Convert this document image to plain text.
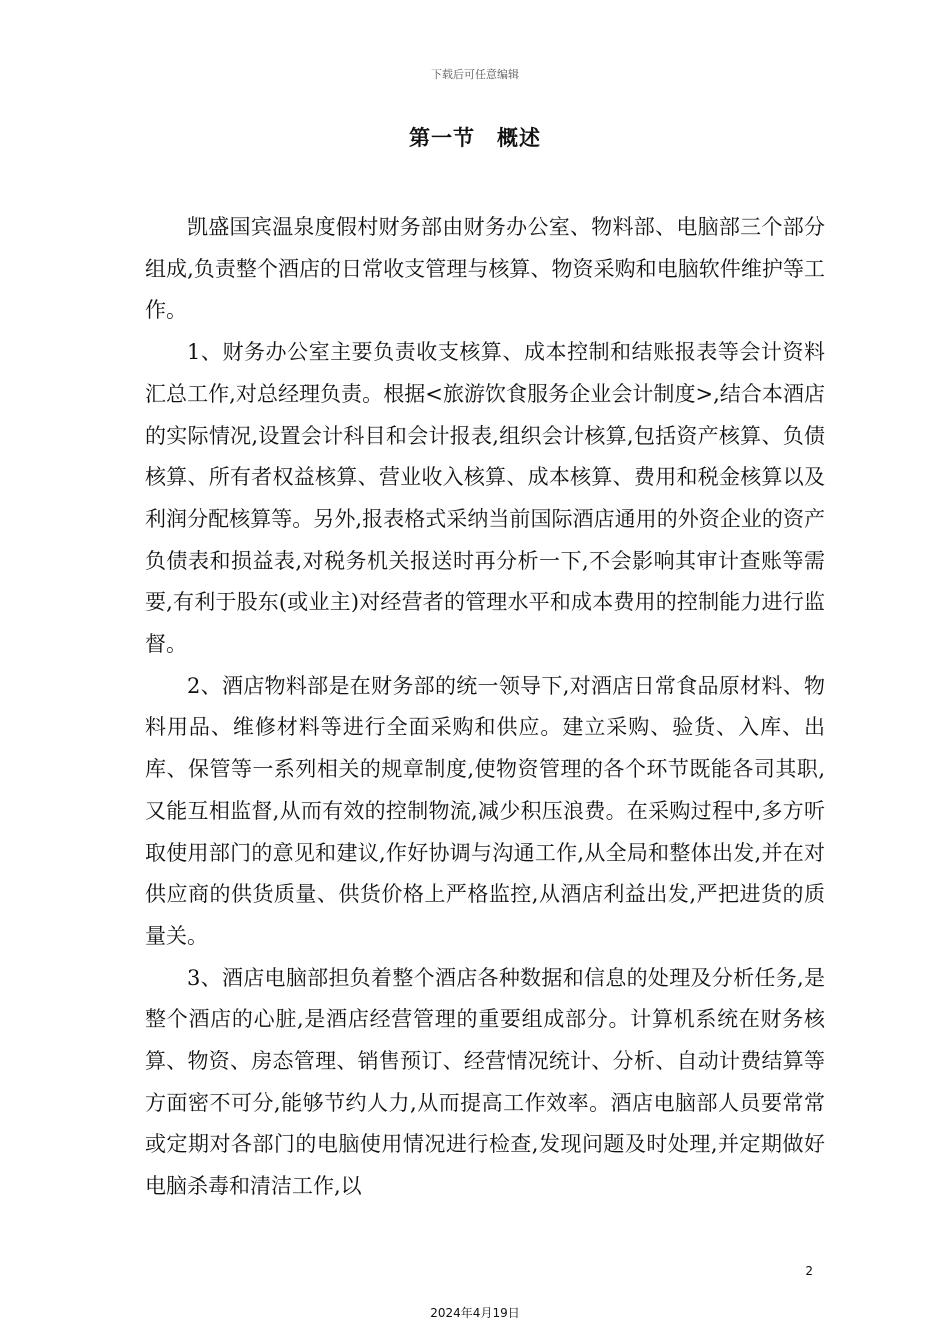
下载后可任意编辑
第一节　概述

凯盛国宾温泉度假村财务部由财务办公室、物料部、电脑部三个部分组成,负责整个酒店的日常收支管理与核算、物资采购和电脑软件维护等工作。

1、财务办公室主要负责收支核算、成本控制和结账报表等会计资料汇总工作,对总经理负责。根据<旅游饮食服务企业会计制度>,结合本酒店的实际情况,设置会计科目和会计报表,组织会计核算,包括资产核算、负债核算、所有者权益核算、营业收入核算、成本核算、费用和税金核算以及利润分配核算等。另外,报表格式采纳当前国际酒店通用的外资企业的资产负债表和损益表,对税务机关报送时再分析一下,不会影响其审计查账等需要,有利于股东(或业主)对经营者的管理水平和成本费用的控制能力进行监督。

2、酒店物料部是在财务部的统一领导下,对酒店日常食品原材料、物料用品、维修材料等进行全面采购和供应。建立采购、验货、入库、出库、保管等一系列相关的规章制度,使物资管理的各个环节既能各司其职,又能互相监督,从而有效的控制物流,减少积压浪费。在采购过程中,多方听取使用部门的意见和建议,作好协调与沟通工作,从全局和整体出发,并在对供应商的供货质量、供货价格上严格监控,从酒店利益出发,严把进货的质量关。

3、酒店电脑部担负着整个酒店各种数据和信息的处理及分析任务,是整个酒店的心脏,是酒店经营管理的重要组成部分。计算机系统在财务核算、物资、房态管理、销售预订、经营情况统计、分析、自动计费结算等方面密不可分,能够节约人力,从而提高工作效率。酒店电脑部人员要常常或定期对各部门的电脑使用情况进行检查,发现问题及时处理,并定期做好电脑杀毒和清洁工作,以

2
2024年4月19日
